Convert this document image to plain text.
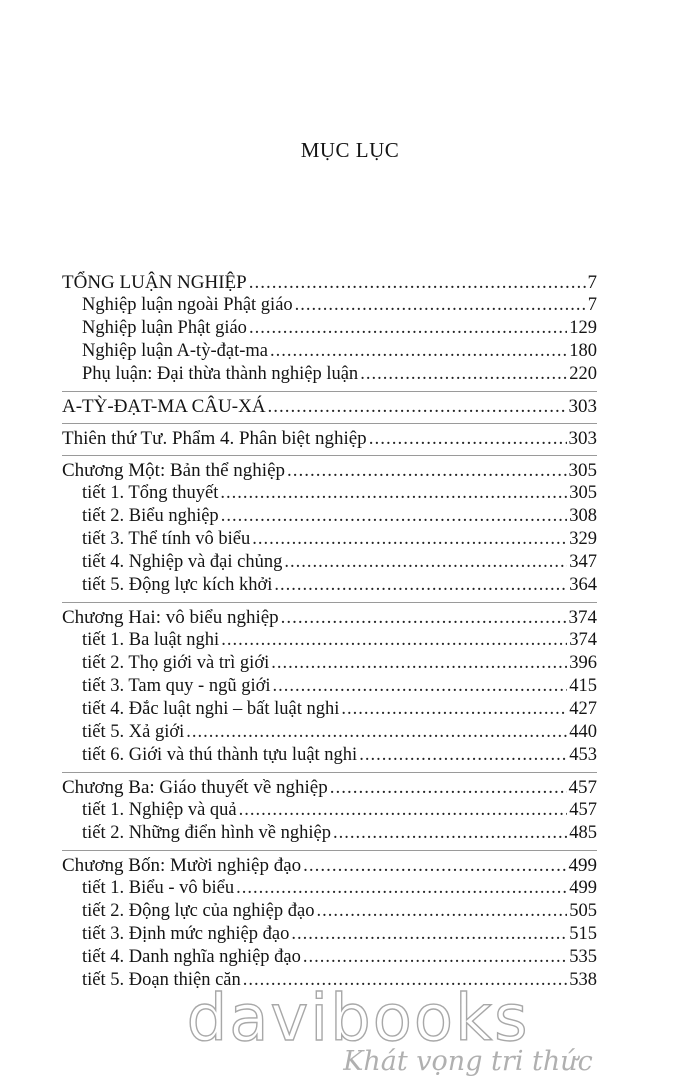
MỤC LỤC
TỔNG LUẬN NGHIỆP .....	7
Nghiệp luận ngoài Phật giáo .....	7
Nghiệp luận Phật giáo .....	129
Nghiệp luận A-tỳ-đạt-ma .....	180
Phụ luận: Đại thừa thành nghiệp luận .....	220
A-TỲ-ĐẠT-MA CÂU-XÁ .....	303
Thiên thứ Tư. Phẩm 4. Phân biệt nghiệp .....	303
Chương Một: Bản thể nghiệp .....	305
tiết 1. Tổng thuyết .....	305
tiết 2. Biểu nghiệp .....	308
tiết 3. Thể tính vô biểu .....	329
tiết 4. Nghiệp và đại chủng .....	347
tiết 5. Động lực kích khởi .....	364
Chương Hai: vô biểu nghiệp .....	374
tiết 1. Ba luật nghi .....	374
tiết 2. Thọ giới và trì giới .....	396
tiết 3. Tam quy - ngũ giới .....	415
tiết 4. Đắc luật nghi – bất luật nghi .....	427
tiết 5. Xả giới .....	440
tiết 6. Giới và thú thành tựu luật nghi .....	453
Chương Ba: Giáo thuyết về nghiệp .....	457
tiết 1. Nghiệp và quả .....	457
tiết 2. Những điển hình về nghiệp .....	485
Chương Bốn: Mười nghiệp đạo .....	499
tiết 1. Biểu - vô biểu .....	499
tiết 2. Động lực của nghiệp đạo .....	505
tiết 3. Định mức nghiệp đạo .....	515
tiết 4. Danh nghĩa nghiệp đạo .....	535
tiết 5. Đoạn thiện căn .....	538
davibooks
Khát vọng tri thức
